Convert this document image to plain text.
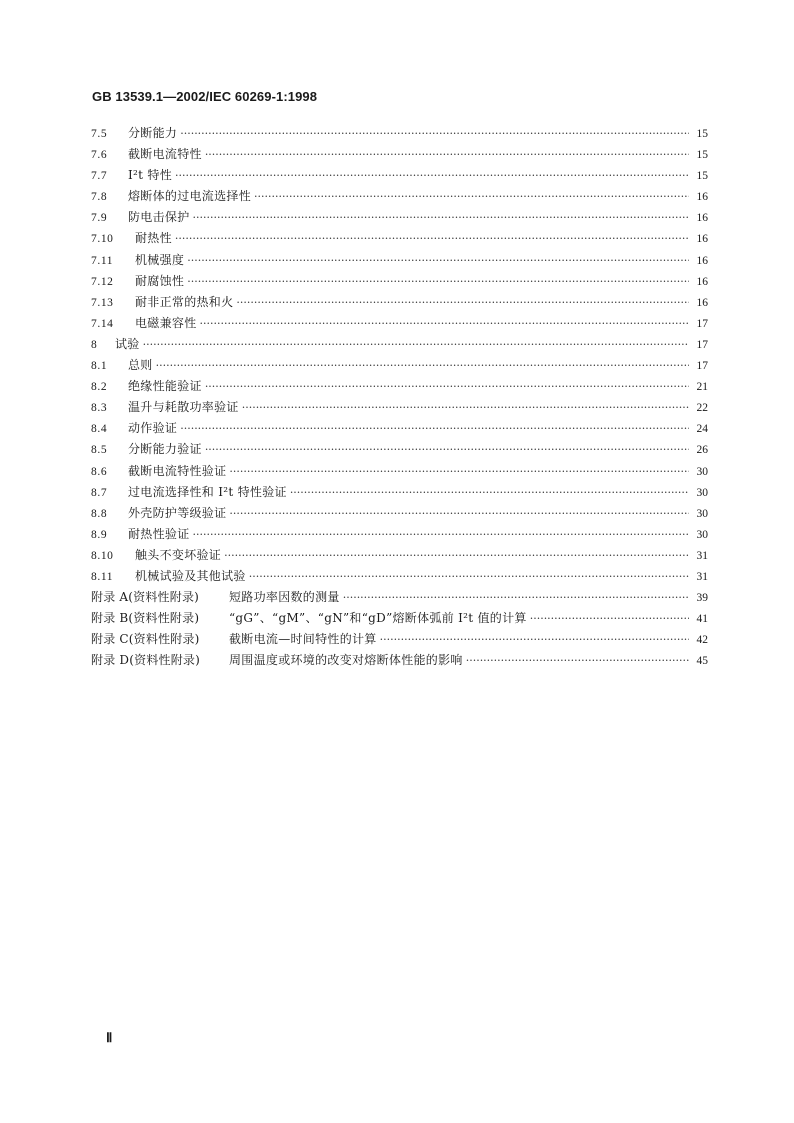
GB 13539.1—2002/IEC 60269-1:1998
7.5	分断能力 ·····	15
7.6	截断电流特性 ·····	15
7.7	I²t 特性 ·····	15
7.8	熔断体的过电流选择性 ·····	16
7.9	防电击保护 ·····	16
7.10	耐热性 ·····	16
7.11	机械强度 ·····	16
7.12	耐腐蚀性 ·····	16
7.13	耐非正常的热和火 ·····	16
7.14	电磁兼容性 ·····	17
8	试验 ·····	17
8.1	总则 ·····	17
8.2	绝缘性能验证 ·····	21
8.3	温升与耗散功率验证 ·····	22
8.4	动作验证 ·····	24
8.5	分断能力验证 ·····	26
8.6	截断电流特性验证 ·····	30
8.7	过电流选择性和 I²t 特性验证 ·····	30
8.8	外壳防护等级验证 ·····	30
8.9	耐热性验证 ·····	30
8.10	触头不变坏验证 ·····	31
8.11	机械试验及其他试验 ·····	31
附录 A(资料性附录)	短路功率因数的测量 ·····	39
附录 B(资料性附录)	“gG”、“gM”、“gN”和“gD”熔断体弧前 I²t 值的计算 ·····	41
附录 C(资料性附录)	截断电流—时间特性的计算 ·····	42
附录 D(资料性附录)	周围温度或环境的改变对熔断体性能的影响 ·····	45
Ⅱ
